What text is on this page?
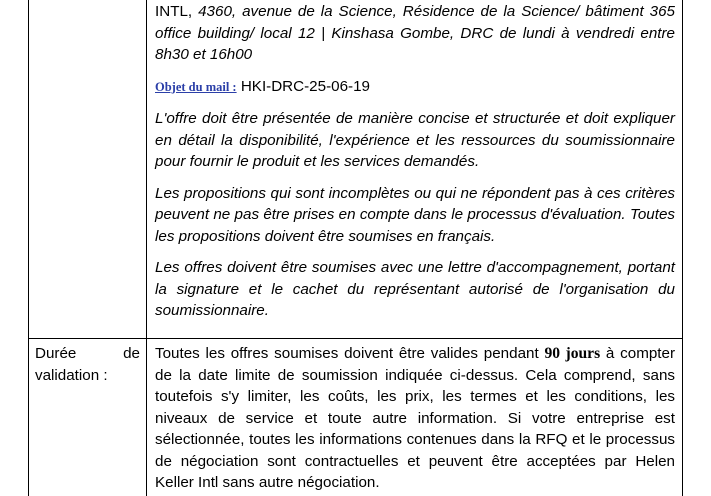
INTL, 4360, avenue de la Science, Résidence de la Science/ bâtiment 365 office building/ local 12 | Kinshasa Gombe, DRC de lundi à vendredi entre 8h30 et 16h00

Objet du mail : HKI-DRC-25-06-19

L'offre doit être présentée de manière concise et structurée et doit expliquer en détail la disponibilité, l'expérience et les ressources du soumissionnaire pour fournir le produit et les services demandés.

Les propositions qui sont incomplètes ou qui ne répondent pas à ces critères peuvent ne pas être prises en compte dans le processus d'évaluation. Toutes les propositions doivent être soumises en français.

Les offres doivent être soumises avec une lettre d'accompagnement, portant la signature et le cachet du représentant autorisé de l'organisation du soumissionnaire.

Durée	de

validation :

Toutes les offres soumises doivent être valides pendant 90 jours à compter de la date limite de soumission indiquée ci-dessus. Cela comprend, sans toutefois s'y limiter, les coûts, les prix, les termes et les conditions, les niveaux de service et toute autre information. Si votre entreprise est sélectionnée, toutes les informations contenues dans la RFQ et le processus de négociation sont contractuelles et peuvent être acceptées par Helen Keller Intl sans autre négociation.
